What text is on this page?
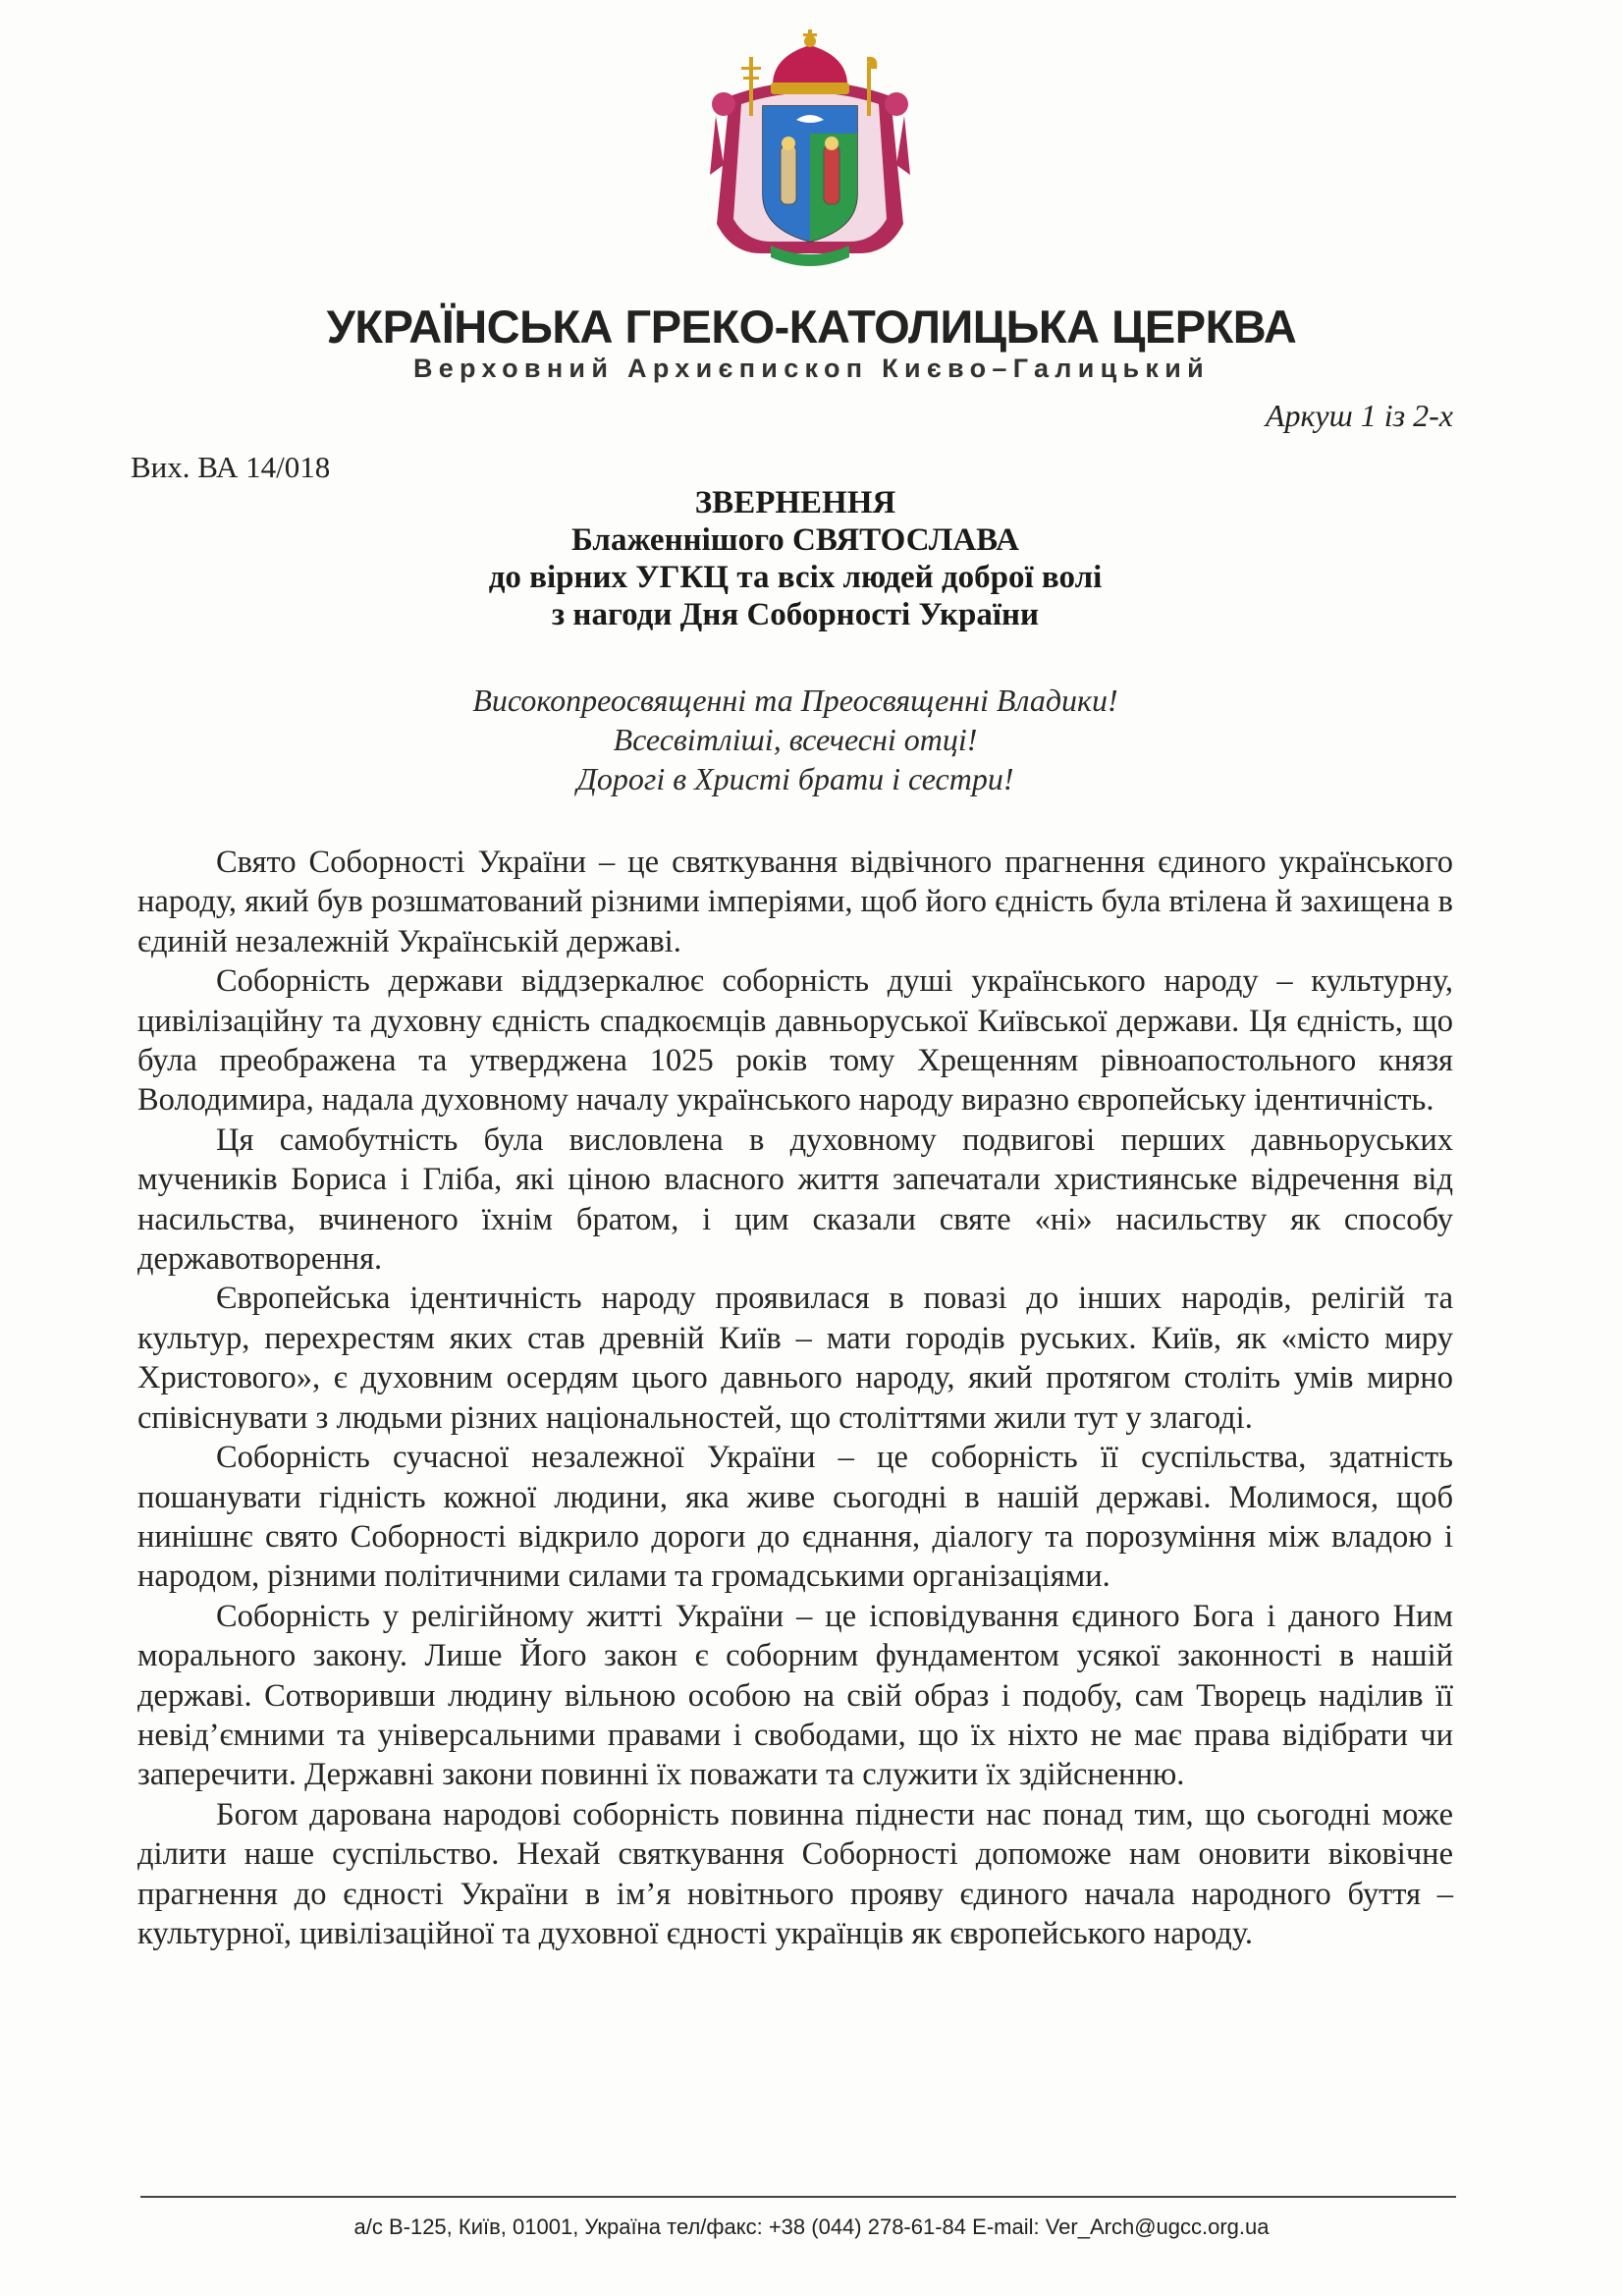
УКРАЇНСЬКА ГРЕКО-КАТОЛИЦЬКА ЦЕРКВА
Верховний Архиєпископ Києво–Галицький
Аркуш 1 із 2-х
Вих. ВА 14/018
ЗВЕРНЕННЯ
Блаженнішого СВЯТОСЛАВА
до вірних УГКЦ та всіх людей доброї волі
з нагоди Дня Соборності України
Високопреосвященні та Преосвященні Владики!
Всесвітліші, всечесні отці!
Дорогі в Христі брати і сестри!

Свято Соборності України – це святкування відвічного прагнення єдиного українського народу, який був розшматований різними імперіями, щоб його єдність була втілена й захищена в єдиній незалежній Українській державі.

Соборність держави віддзеркалює соборність душі українського народу – культурну, цивілізаційну та духовну єдність спадкоємців давньоруської Київської держави. Ця єдність, що була преображена та утверджена 1025 років тому Хрещенням рівноапостольного князя Володимира, надала духовному началу українського народу виразно європейську ідентичність.

Ця самобутність була висловлена в духовному подвигові перших давньоруських мучеників Бориса і Гліба, які ціною власного життя запечатали християнське відречення від насильства, вчиненого їхнім братом, і цим сказали святе «ні» насильству як способу державотворення.

Європейська ідентичність народу проявилася в повазі до інших народів, релігій та культур, перехрестям яких став древній Київ – мати городів руських. Київ, як «місто миру Христового», є духовним осердям цього давнього народу, який протягом століть умів мирно співіснувати з людьми різних національностей, що століттями жили тут у злагоді.

Соборність сучасної незалежної України – це соборність її суспільства, здатність пошанувати гідність кожної людини, яка живе сьогодні в нашій державі. Молимося, щоб нинішнє свято Соборності відкрило дороги до єднання, діалогу та порозуміння між владою і народом, різними політичними силами та громадськими організаціями.

Соборність у релігійному житті України – це ісповідування єдиного Бога і даного Ним морального закону. Лише Його закон є соборним фундаментом усякої законності в нашій державі. Сотворивши людину вільною особою на свій образ і подобу, сам Творець наділив її невід’ємними та універсальними правами і свободами, що їх ніхто не має права відібрати чи заперечити. Державні закони повинні їх поважати та служити їх здійсненню.

Богом дарована народові соборність повинна піднести нас понад тим, що сьогодні може ділити наше суспільство. Нехай святкування Соборності допоможе нам оновити віковічне прагнення до єдності України в ім’я новітнього прояву єдиного начала народного буття – культурної, цивілізаційної та духовної єдності українців як європейського народу.

а/с В-125, Київ, 01001, Україна тел/факс: +38 (044) 278-61-84 E-mail: Ver_Arch@ugcc.org.ua
